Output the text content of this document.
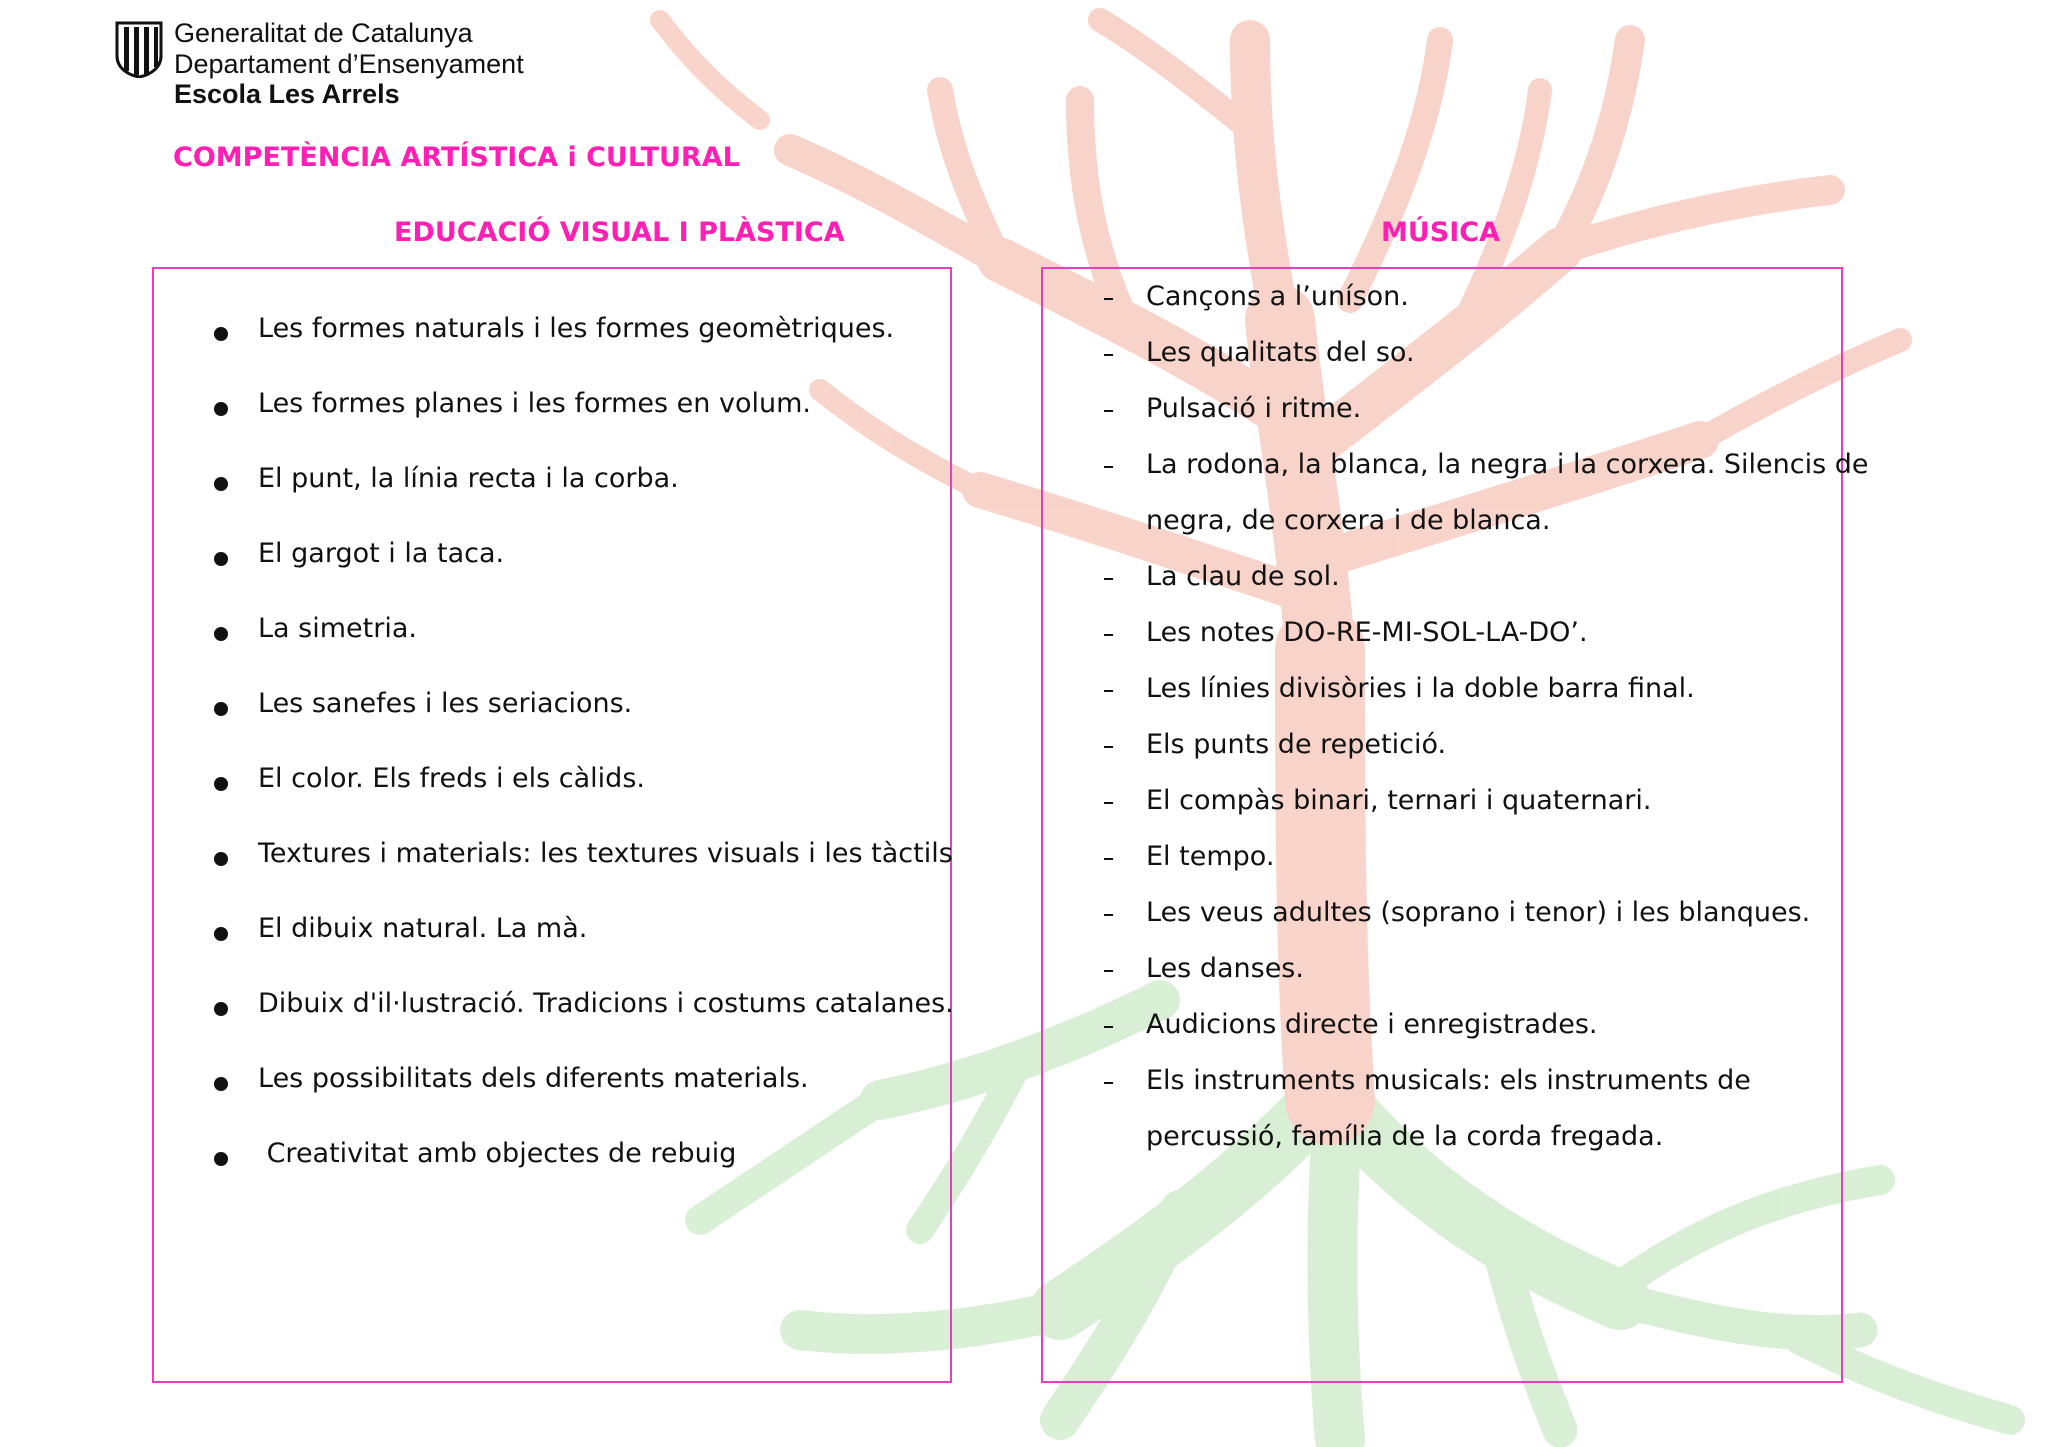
Generalitat de Catalunya
Departament d’Ensenyament
Escola Les Arrels
COMPETÈNCIA ARTÍSTICA i CULTURAL
EDUCACIÓ VISUAL I PLÀSTICA	MÚSICA
Les formes naturals i les formes geomètriques.
Les formes planes i les formes en volum.
El punt, la línia recta i la corba.
El gargot i la taca.
La simetria.
Les sanefes i les seriacions.
El color. Els freds i els càlids.
Textures i materials: les textures visuals i les tàctils
El dibuix natural. La mà.
Dibuix d'il·lustració. Tradicions i costums catalanes.
Les possibilitats dels diferents materials.
Creativitat amb objectes de rebuig
Cançons a l’uníson.
Les qualitats del so.
Pulsació i ritme.
La rodona, la blanca, la negra i la corxera. Silencis de
negra, de corxera i de blanca.
La clau de sol.
Les notes DO-RE-MI-SOL-LA-DO’.
Les línies divisòries i la doble barra final.
Els punts de repetició.
El compàs binari, ternari i quaternari.
El tempo.
Les veus adultes (soprano i tenor) i les blanques.
Les danses.
Audicions directe i enregistrades.
Els instruments musicals: els instruments de
percussió, família de la corda fregada.
